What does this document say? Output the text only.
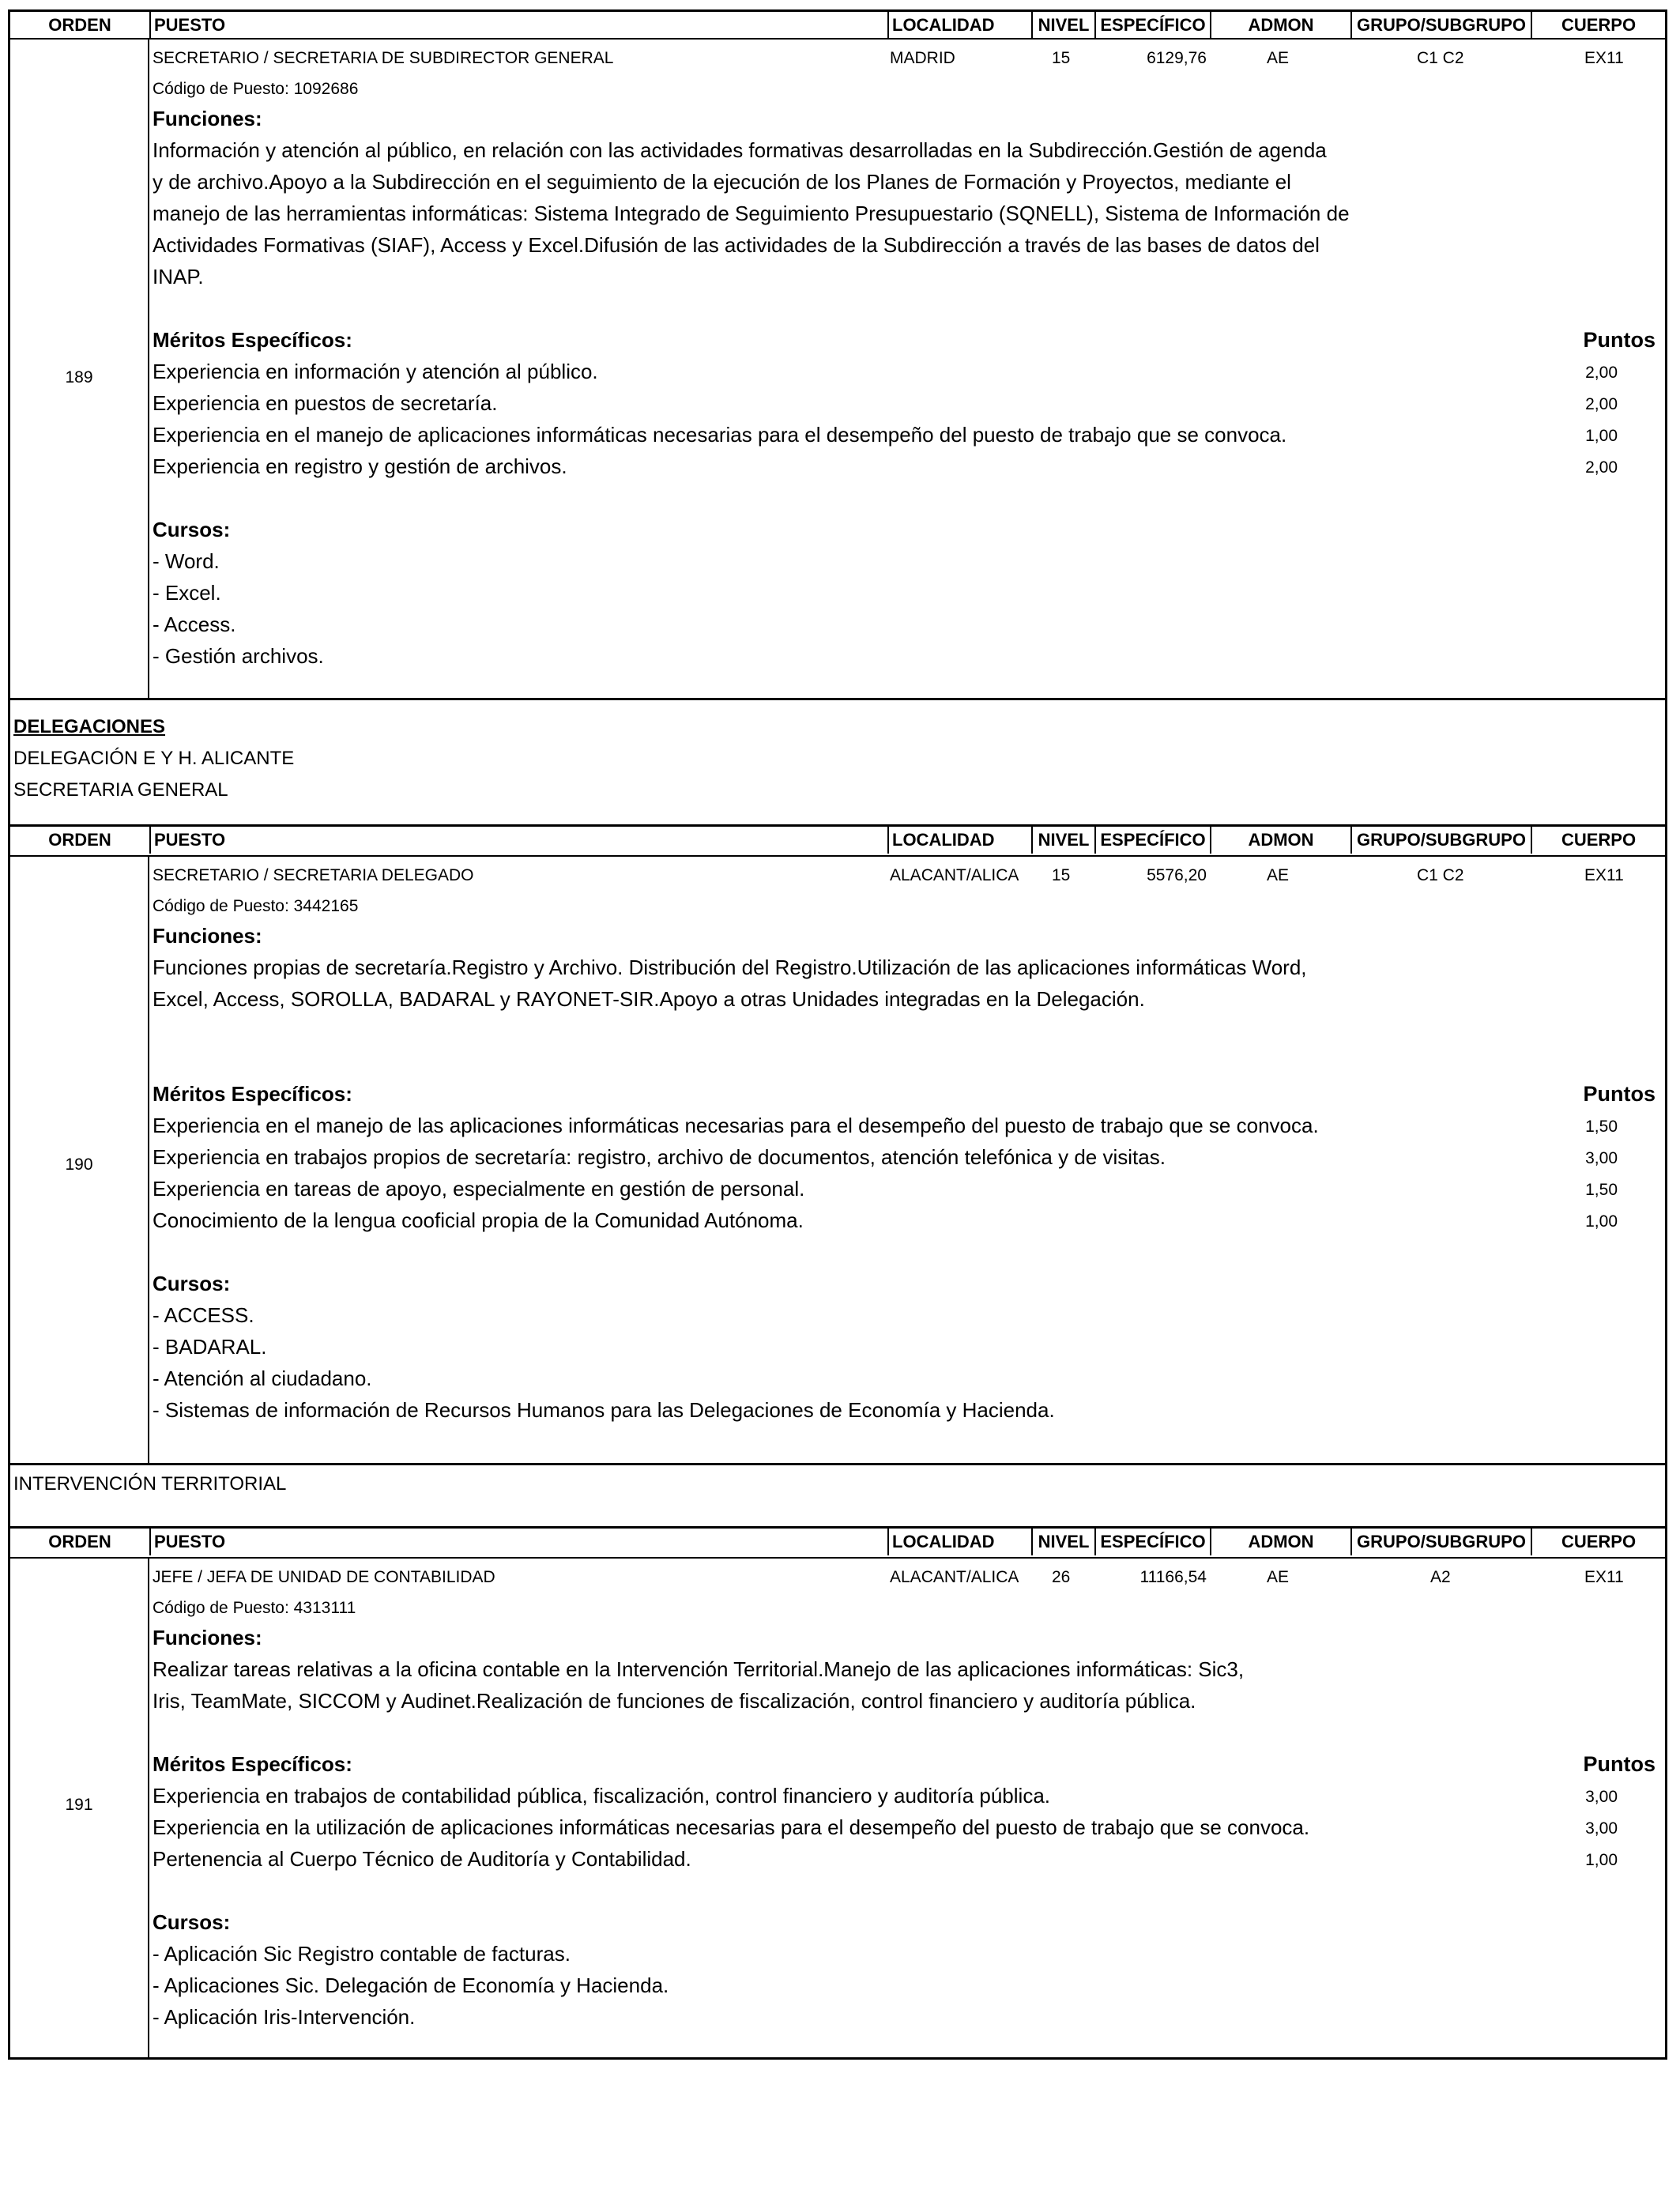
ORDEN	PUESTO	LOCALIDAD	NIVEL ESPECÍFICO	ADMON	GRUPO/SUBGRUPO	CUERPO
189
SECRETARIO / SECRETARIA DE SUBDIRECTOR GENERAL	MADRID	15	6129,76	AE	C1 C2	EX11
Código de Puesto: 1092686
Funciones:
Información y atención al público, en relación con las actividades formativas desarrolladas en la Subdirección.Gestión de agenda
y de archivo.Apoyo a la Subdirección en el seguimiento de la ejecución de los Planes de Formación y Proyectos, mediante el
manejo de las herramientas informáticas: Sistema Integrado de Seguimiento Presupuestario (SQNELL), Sistema de Información de
Actividades Formativas (SIAF), Access y Excel.Difusión de las actividades de la Subdirección a través de las bases de datos del
INAP.
Méritos Específicos:	Puntos
Experiencia en información y atención al público.	2,00
Experiencia en puestos de secretaría.	2,00
Experiencia en el manejo de aplicaciones informáticas necesarias para el desempeño del puesto de trabajo que se convoca.	1,00
Experiencia en registro y gestión de archivos.	2,00
Cursos:
- Word.
- Excel.
- Access.
- Gestión archivos.
DELEGACIONES
DELEGACIÓN E Y H. ALICANTE
SECRETARIA GENERAL
ORDEN	PUESTO	LOCALIDAD	NIVEL ESPECÍFICO	ADMON	GRUPO/SUBGRUPO	CUERPO
190
SECRETARIO / SECRETARIA DELEGADO	ALACANT/ALICA 15	5576,20	AE	C1 C2	EX11
Código de Puesto: 3442165
Funciones:
Funciones propias de secretaría.Registro y Archivo. Distribución del Registro.Utilización de las aplicaciones informáticas Word,
Excel, Access, SOROLLA, BADARAL y RAYONET-SIR.Apoyo a otras Unidades integradas en la Delegación.
Méritos Específicos:	Puntos
Experiencia en el manejo de las aplicaciones informáticas necesarias para el desempeño del puesto de trabajo que se convoca.	1,50
Experiencia en trabajos propios de secretaría: registro, archivo de documentos, atención telefónica y de visitas.	3,00
Experiencia en tareas de apoyo, especialmente en gestión de personal.	1,50
Conocimiento de la lengua cooficial propia de la Comunidad Autónoma.	1,00
Cursos:
- ACCESS.
- BADARAL.
- Atención al ciudadano.
- Sistemas de información de Recursos Humanos para las Delegaciones de Economía y Hacienda.
INTERVENCIÓN TERRITORIAL
ORDEN	PUESTO	LOCALIDAD	NIVEL ESPECÍFICO	ADMON	GRUPO/SUBGRUPO	CUERPO
191
JEFE / JEFA DE UNIDAD DE CONTABILIDAD	ALACANT/ALICA 26	11166,54	AE	A2	EX11
Código de Puesto: 4313111
Funciones:
Realizar tareas relativas a la oficina contable en la Intervención Territorial.Manejo de las aplicaciones informáticas: Sic3,
Iris, TeamMate, SICCOM y Audinet.Realización de funciones de fiscalización, control financiero y auditoría pública.
Méritos Específicos:	Puntos
Experiencia en trabajos de contabilidad pública, fiscalización, control financiero y auditoría pública.	3,00
Experiencia en la utilización de aplicaciones informáticas necesarias para el desempeño del puesto de trabajo que se convoca.	3,00
Pertenencia al Cuerpo Técnico de Auditoría y Contabilidad.	1,00
Cursos:
- Aplicación Sic Registro contable de facturas.
- Aplicaciones Sic. Delegación de Economía y Hacienda.
- Aplicación Iris-Intervención.
